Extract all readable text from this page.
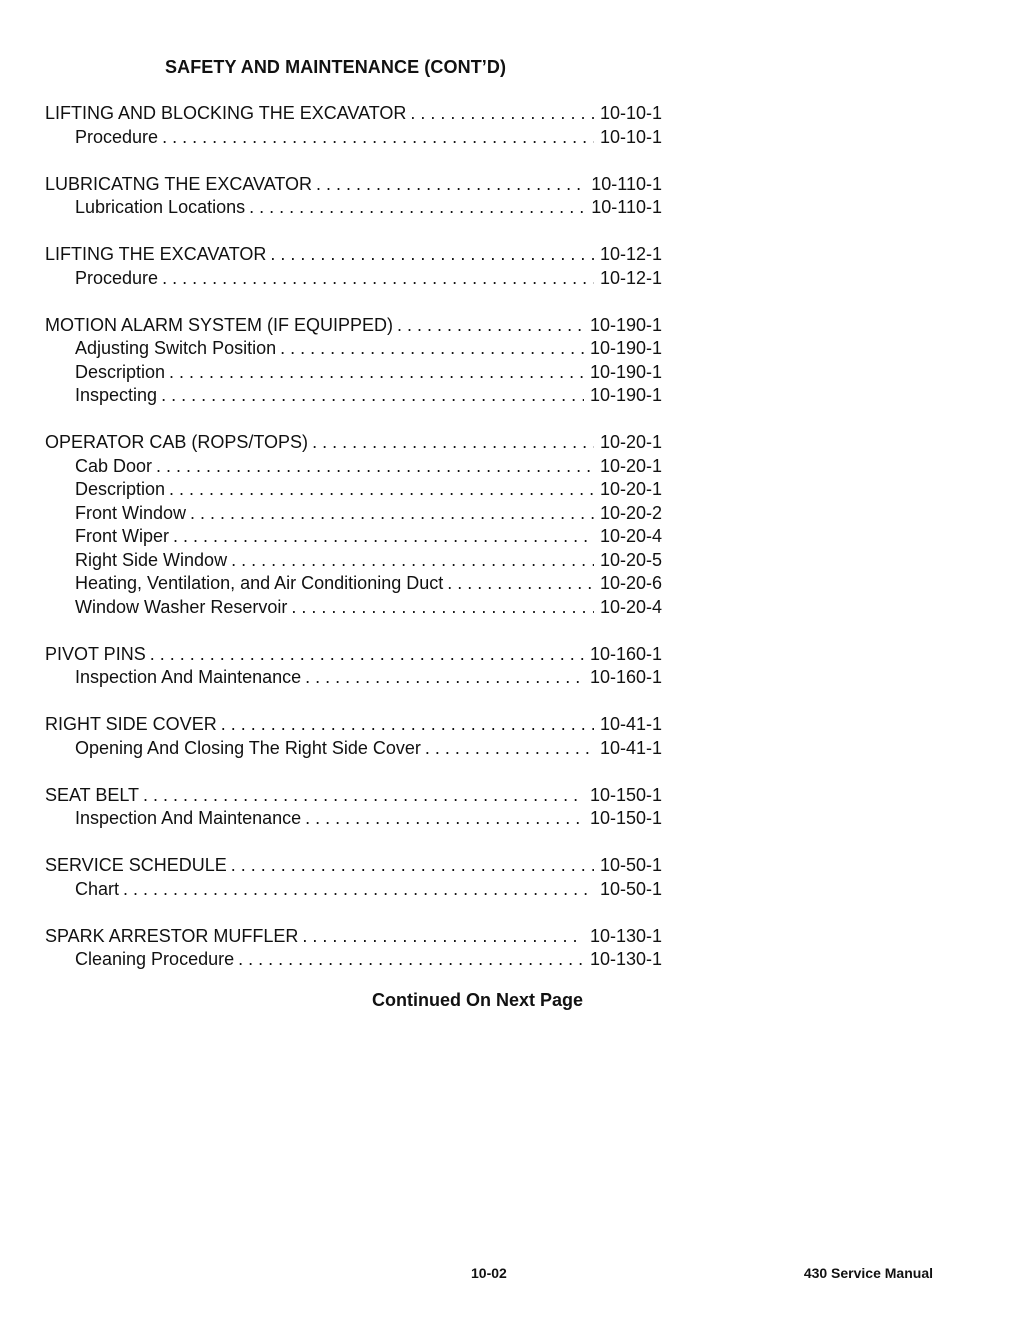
SAFETY AND MAINTENANCE (CONT’D)
LIFTING AND BLOCKING THE EXCAVATOR . . .	10-10-1
Procedure . . .	10-10-1
LUBRICATNG THE EXCAVATOR . . .	10-110-1
Lubrication Locations . . .	10-110-1
LIFTING THE EXCAVATOR . . .	10-12-1
Procedure . . .	10-12-1
MOTION ALARM SYSTEM (IF EQUIPPED) . . .	10-190-1
Adjusting Switch Position . . .	10-190-1
Description . . .	10-190-1
Inspecting . . .	10-190-1
OPERATOR CAB (ROPS/TOPS) . . .	10-20-1
Cab Door . . .	10-20-1
Description . . .	10-20-1
Front Window . . .	10-20-2
Front Wiper . . .	10-20-4
Right Side Window . . .	10-20-5
Heating, Ventilation, and Air Conditioning Duct . . .	10-20-6
Window Washer Reservoir . . .	10-20-4
PIVOT PINS . . .	10-160-1
Inspection And Maintenance . . .	10-160-1
RIGHT SIDE COVER . . .	10-41-1
Opening And Closing The Right Side Cover . . .	10-41-1
SEAT BELT . . .	10-150-1
Inspection And Maintenance . . .	10-150-1
SERVICE SCHEDULE . . .	10-50-1
Chart . . .	10-50-1
SPARK ARRESTOR MUFFLER . . .	10-130-1
Cleaning Procedure . . .	10-130-1
Continued On Next Page
10-02	430 Service Manual
